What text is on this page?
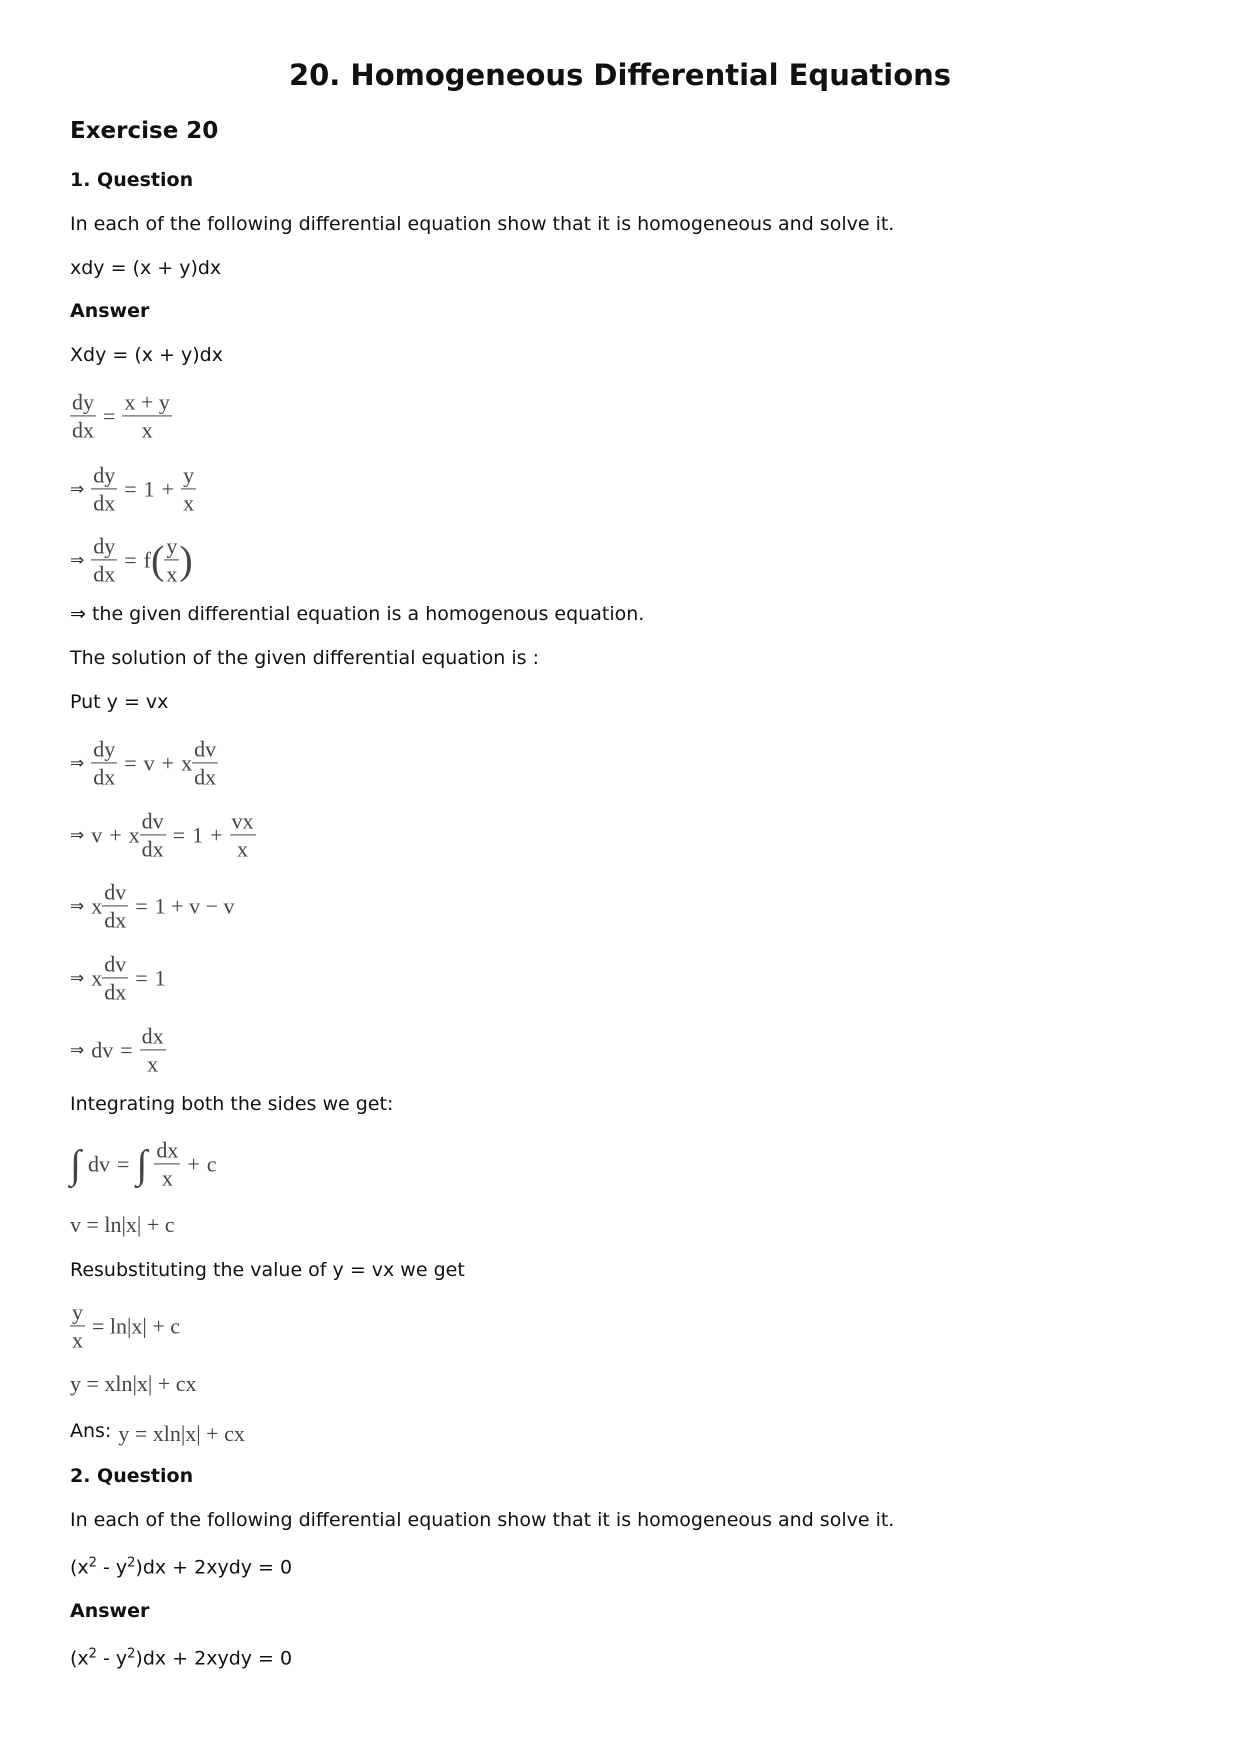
20. Homogeneous Differential Equations
Exercise 20
1. Question
In each of the following differential equation show that it is homogeneous and solve it.
xdy = (x + y)dx
Answer
Xdy = (x + y)dx
$\frac{dy}{dx} = \frac{x + y}{x}$
⇒ $\frac{dy}{dx} = 1 + \frac{y}{x}$
⇒ $\frac{dy}{dx} = f$ ( $\frac{y}{x}$ )
⇒ the given differential equation is a homogenous equation.
The solution of the given differential equation is :
Put y = vx
⇒ $\frac{dy}{dx} = v + x \frac{dv}{dx}$
⇒ v + x $\frac{dv}{dx} = 1 + \frac{vx}{x}$
⇒ x $\frac{dv}{dx} = 1 + v - v$
⇒ x $\frac{dv}{dx} = 1$
⇒ dv = $\frac{dx}{x}$
Integrating both the sides we get:
∫ dv = ∫ $\frac{dx}{x} + c$
v = ln|x| + c
Resubstituting the value of y = vx we get
$\frac{y}{x} = \ln|x| + c$
y = xln|x| + cx
Ans: y = xln|x| + cx
2. Question
In each of the following differential equation show that it is homogeneous and solve it.
$(x^2 - y^2)dx$ + 2xydy = 0
Answer
$(x^2 - y^2)dx$ + 2xydy = 0
